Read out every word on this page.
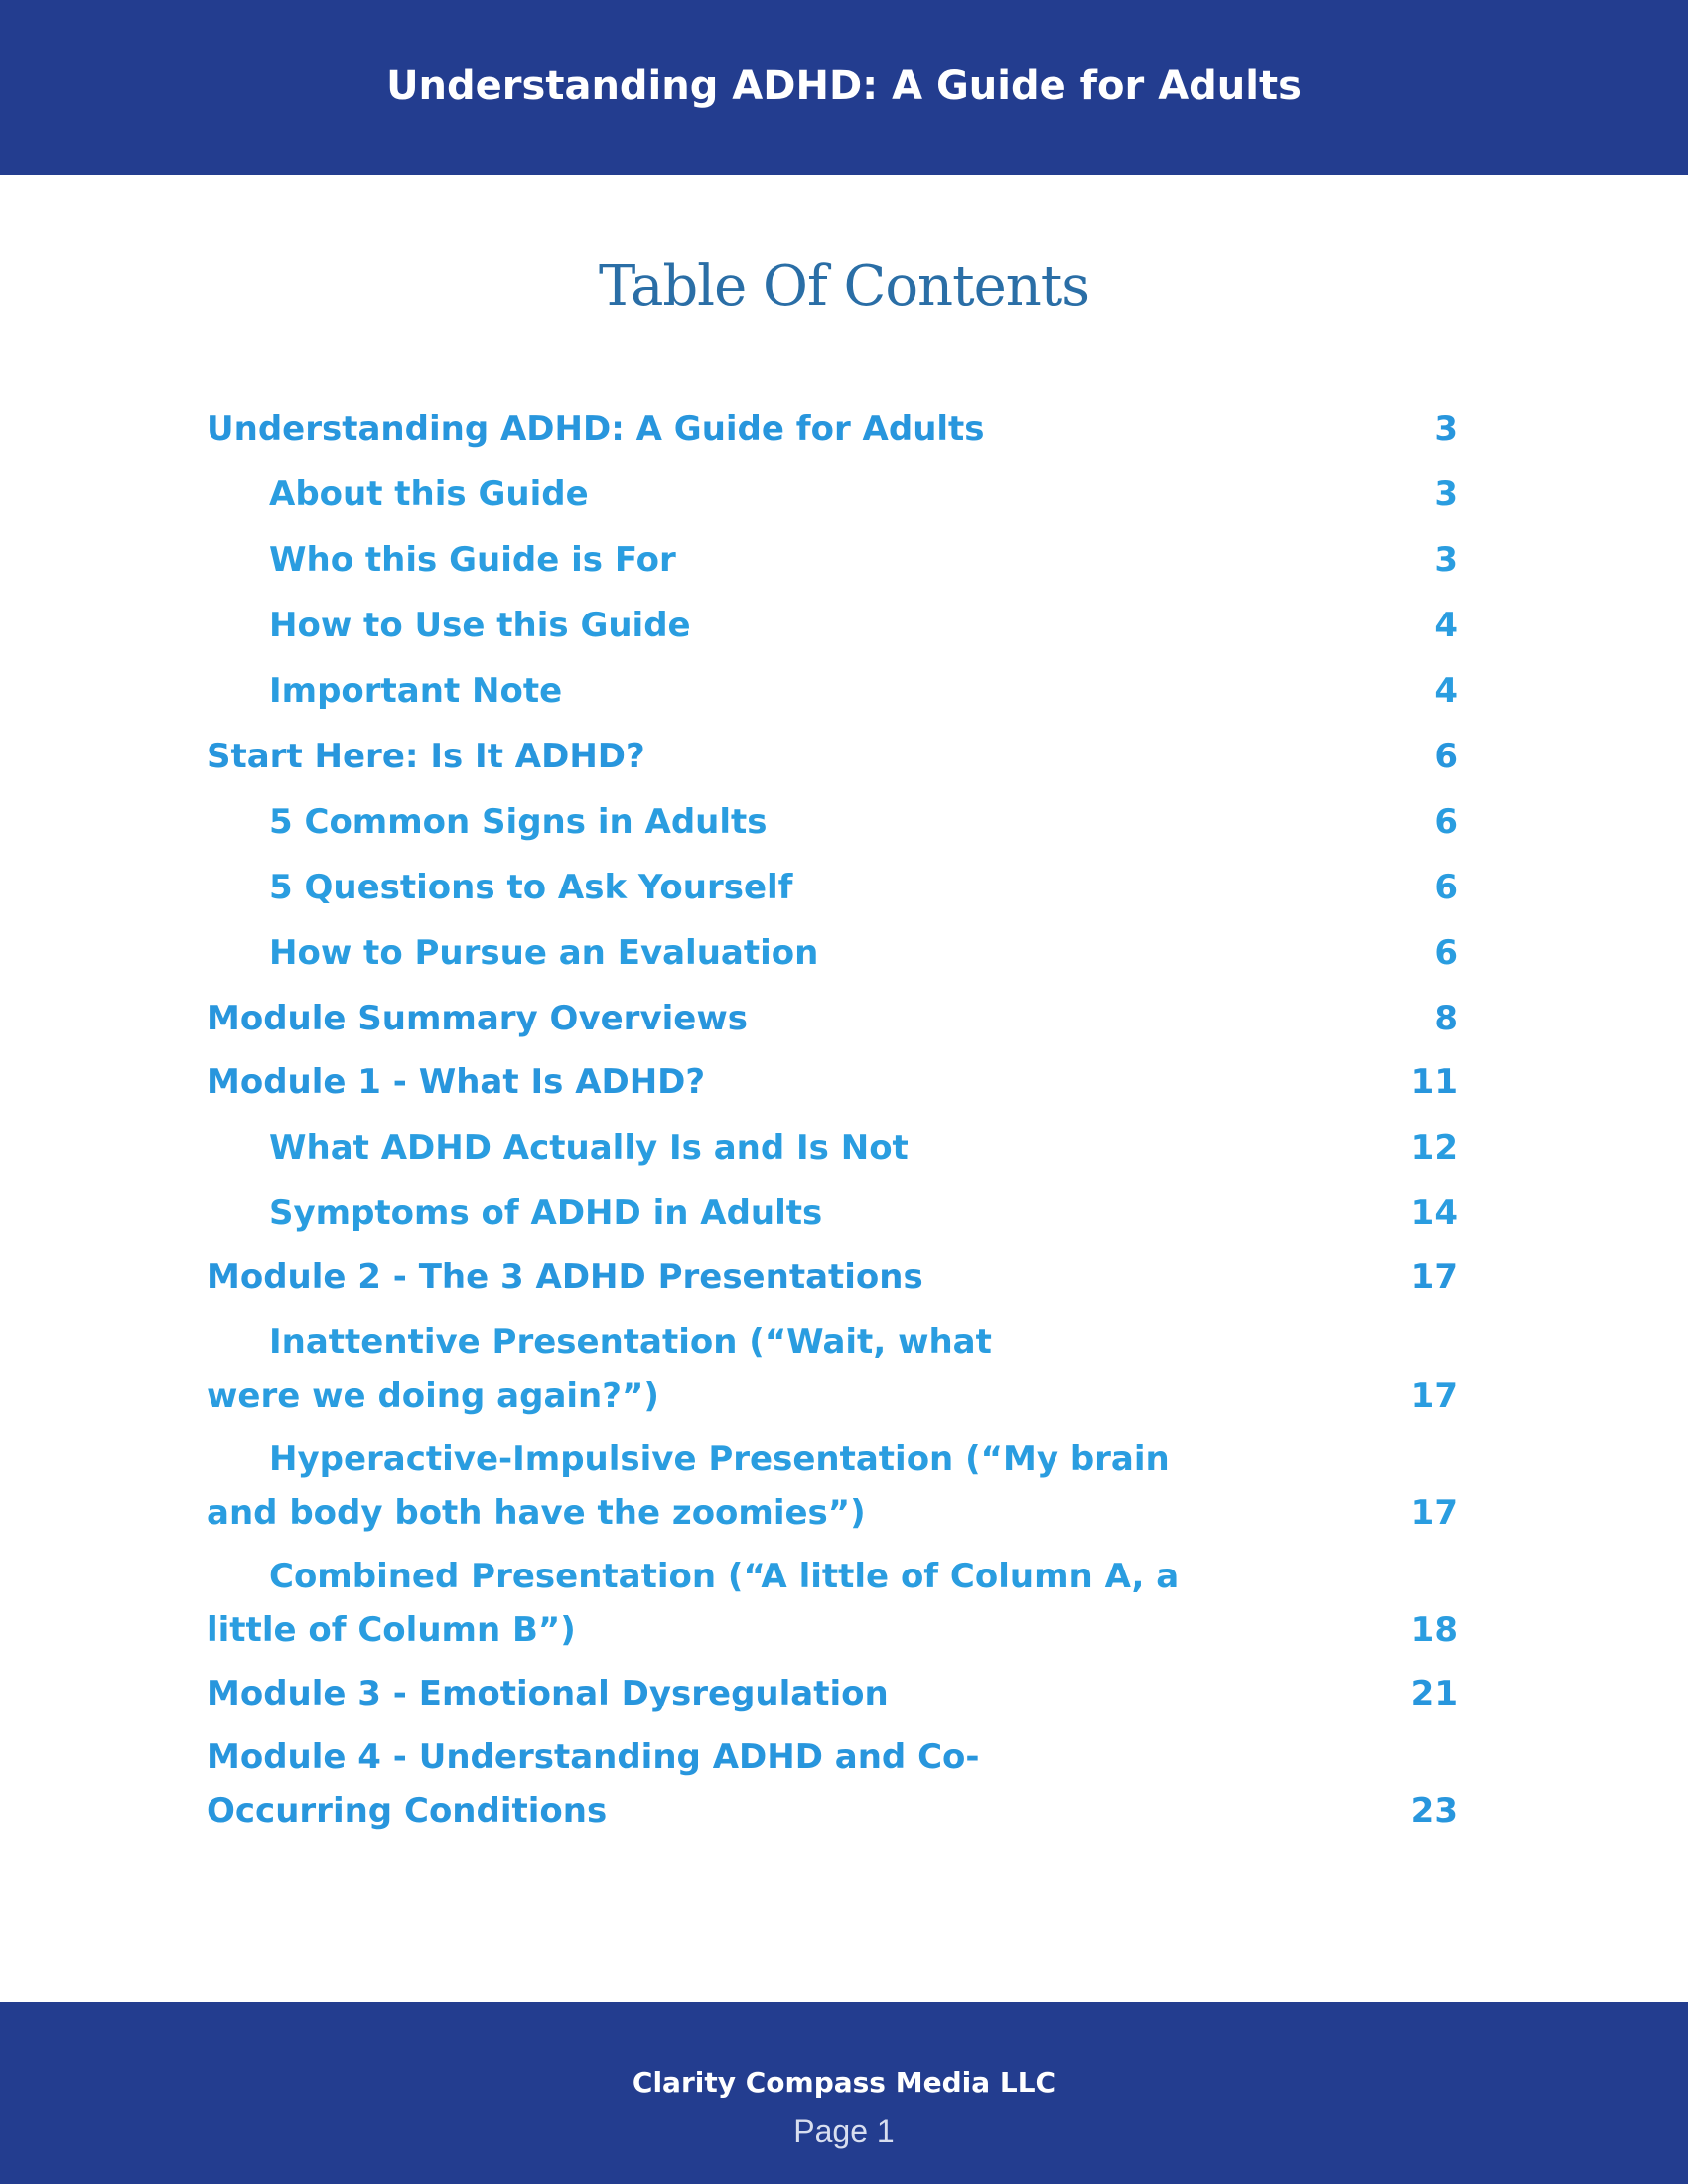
Understanding ADHD: A Guide for Adults
Table Of Contents
Understanding ADHD: A Guide for Adults	3
About this Guide	3
Who this Guide is For	3
How to Use this Guide	4
Important Note	4
Start Here: Is It ADHD?	6
5 Common Signs in Adults	6
5 Questions to Ask Yourself	6
How to Pursue an Evaluation	6
Module Summary Overviews	8
Module 1 - What Is ADHD?	11
What ADHD Actually Is and Is Not	12
Symptoms of ADHD in Adults	14
Module 2 - The 3 ADHD Presentations	17
Inattentive Presentation (“Wait, what were we doing again?”)	17
Hyperactive-Impulsive Presentation (“My brain and body both have the zoomies”)	17
Combined Presentation (“A little of Column A, a little of Column B”)	18
Module 3 - Emotional Dysregulation	21
Module 4 - Understanding ADHD and Co-Occurring Conditions	23
Clarity Compass Media LLC
Page 1
